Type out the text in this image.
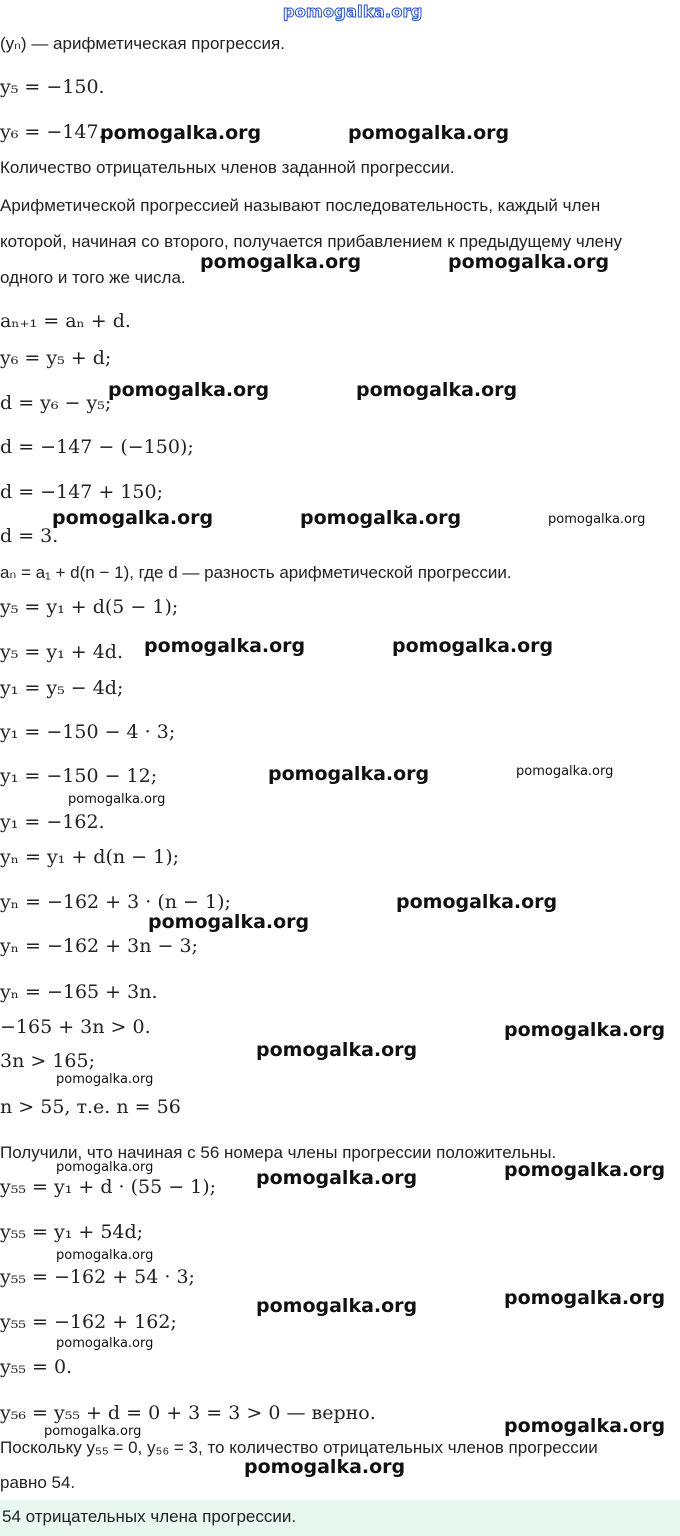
pomogalka.org
(yₙ) — арифметическая прогрессия.
y₅ = −150.
y₆ = −147.
Количество отрицательных членов заданной прогрессии.
Арифметической прогрессией называют последовательность, каждый член
которой, начиная со второго, получается прибавлением к предыдущему члену
одного и того же числа.
aₙ₊₁ = aₙ + d.
y₆ = y₅ + d;
d = y₆ − y₅;
d = −147 − (−150);
d = −147 + 150;
d = 3.
aₙ = a₁ + d(n − 1), где d — разность арифметической прогрессии.
y₅ = y₁ + d(5 − 1);
y₅ = y₁ + 4d.
y₁ = y₅ − 4d;
y₁ = −150 − 4 · 3;
y₁ = −150 − 12;
y₁ = −162.
yₙ = y₁ + d(n − 1);
yₙ = −162 + 3 · (n − 1);
yₙ = −162 + 3n − 3;
yₙ = −165 + 3n.
−165 + 3n > 0.
3n > 165;
n > 55, т.е. n = 56
Получили, что начиная с 56 номера члены прогрессии положительны.
y₅₅ = y₁ + d · (55 − 1);
y₅₅ = y₁ + 54d;
y₅₅ = −162 + 54 · 3;
y₅₅ = −162 + 162;
y₅₅ = 0.
y₅₆ = y₅₅ + d = 0 + 3 = 3 > 0 — верно.
Поскольку y₅₅ = 0, y₅₆ = 3, то количество отрицательных членов прогрессии
равно 54.
54 отрицательных члена прогрессии.
pomogalka.org	pomogalka.org
pomogalka.org	pomogalka.org
pomogalka.org	pomogalka.org
pomogalka.org	pomogalka.org
pomogalka.org	pomogalka.org
pomogalka.org
pomogalka.org
pomogalka.org
pomogalka.org
pomogalka.org
pomogalka.org
pomogalka.org
pomogalka.org
pomogalka.org
pomogalka.org
pomogalka.org
pomogalka.org
pomogalka.org
pomogalka.org
pomogalka.org
pomogalka.org
pomogalka.org
pomogalka.org
pomogalka.org
